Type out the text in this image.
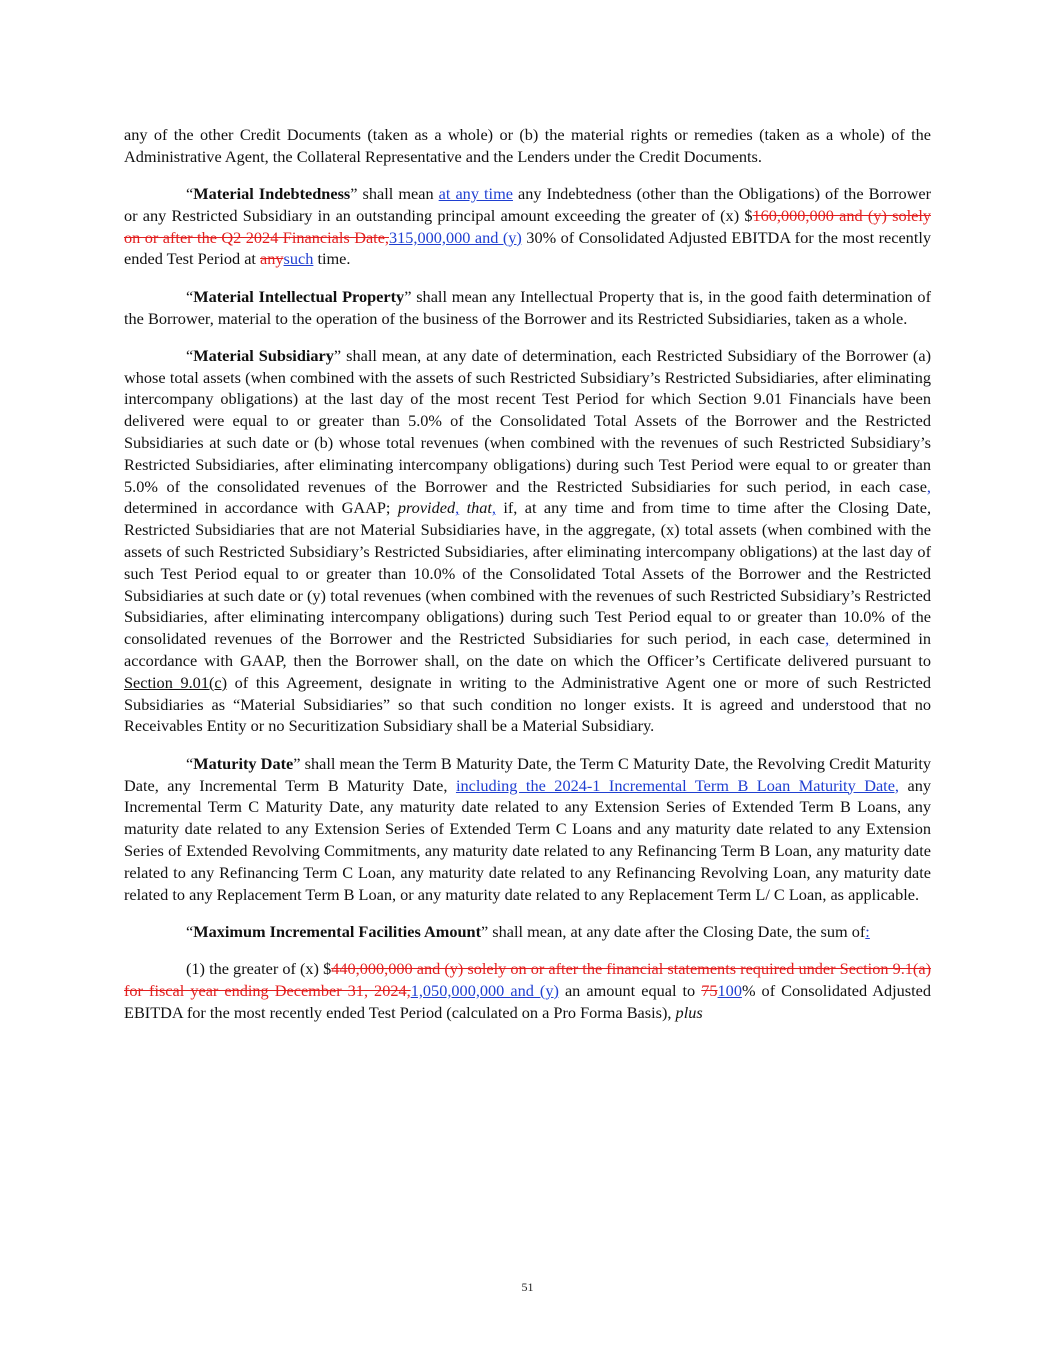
any of the other Credit Documents (taken as a whole) or (b) the material rights or remedies (taken as a whole) of the Administrative Agent, the Collateral Representative and the Lenders under the Credit Documents.

“Material Indebtedness” shall mean at any time any Indebtedness (other than the Obligations) of the Borrower or any Restricted Subsidiary in an outstanding principal amount exceeding the greater of (x) $160,000,000 and (y) solely on or after the Q2 2024 Financials Date,315,000,000 and (y) 30% of Consolidated Adjusted EBITDA for the most recently ended Test Period at anysuch time.

“Material Intellectual Property” shall mean any Intellectual Property that is, in the good faith determination of the Borrower, material to the operation of the business of the Borrower and its Restricted Subsidiaries, taken as a whole.

“Material Subsidiary” shall mean, at any date of determination, each Restricted Subsidiary of the Borrower (a) whose total assets (when combined with the assets of such Restricted Subsidiary’s Restricted Subsidiaries, after eliminating intercompany obligations) at the last day of the most recent Test Period for which Section 9.01 Financials have been delivered were equal to or greater than 5.0% of the Consolidated Total Assets of the Borrower and the Restricted Subsidiaries at such date or (b) whose total revenues (when combined with the revenues of such Restricted Subsidiary’s Restricted Subsidiaries, after eliminating intercompany obligations) during such Test Period were equal to or greater than 5.0% of the consolidated revenues of the Borrower and the Restricted Subsidiaries for such period, in each case, determined in accordance with GAAP; provided, that, if, at any time and from time to time after the Closing Date, Restricted Subsidiaries that are not Material Subsidiaries have, in the aggregate, (x) total assets (when combined with the assets of such Restricted Subsidiary’s Restricted Subsidiaries, after eliminating intercompany obligations) at the last day of such Test Period equal to or greater than 10.0% of the Consolidated Total Assets of the Borrower and the Restricted Subsidiaries at such date or (y) total revenues (when combined with the revenues of such Restricted Subsidiary’s Restricted Subsidiaries, after eliminating intercompany obligations) during such Test Period equal to or greater than 10.0% of the consolidated revenues of the Borrower and the Restricted Subsidiaries for such period, in each case, determined in accordance with GAAP, then the Borrower shall, on the date on which the Officer’s Certificate delivered pursuant to Section 9.01(c) of this Agreement, designate in writing to the Administrative Agent one or more of such Restricted Subsidiaries as “Material Subsidiaries” so that such condition no longer exists. It is agreed and understood that no Receivables Entity or no Securitization Subsidiary shall be a Material Subsidiary.

“Maturity Date” shall mean the Term B Maturity Date, the Term C Maturity Date, the Revolving Credit Maturity Date, any Incremental Term B Maturity Date, including the 2024-1 Incremental Term B Loan Maturity Date, any Incremental Term C Maturity Date, any maturity date related to any Extension Series of Extended Term B Loans, any maturity date related to any Extension Series of Extended Term C Loans and any maturity date related to any Extension Series of Extended Revolving Commitments, any maturity date related to any Refinancing Term B Loan, any maturity date related to any Refinancing Term C Loan, any maturity date related to any Refinancing Revolving Loan, any maturity date related to any Replacement Term B Loan, or any maturity date related to any Replacement Term L/ C Loan, as applicable.

“Maximum Incremental Facilities Amount” shall mean, at any date after the Closing Date, the sum of:

(1) the greater of (x) $440,000,000 and (y) solely on or after the financial statements required under Section 9.1(a) for fiscal year ending December 31, 2024,1,050,000,000 and (y) an amount equal to 75100% of Consolidated Adjusted EBITDA for the most recently ended Test Period (calculated on a Pro Forma Basis), plus

51
